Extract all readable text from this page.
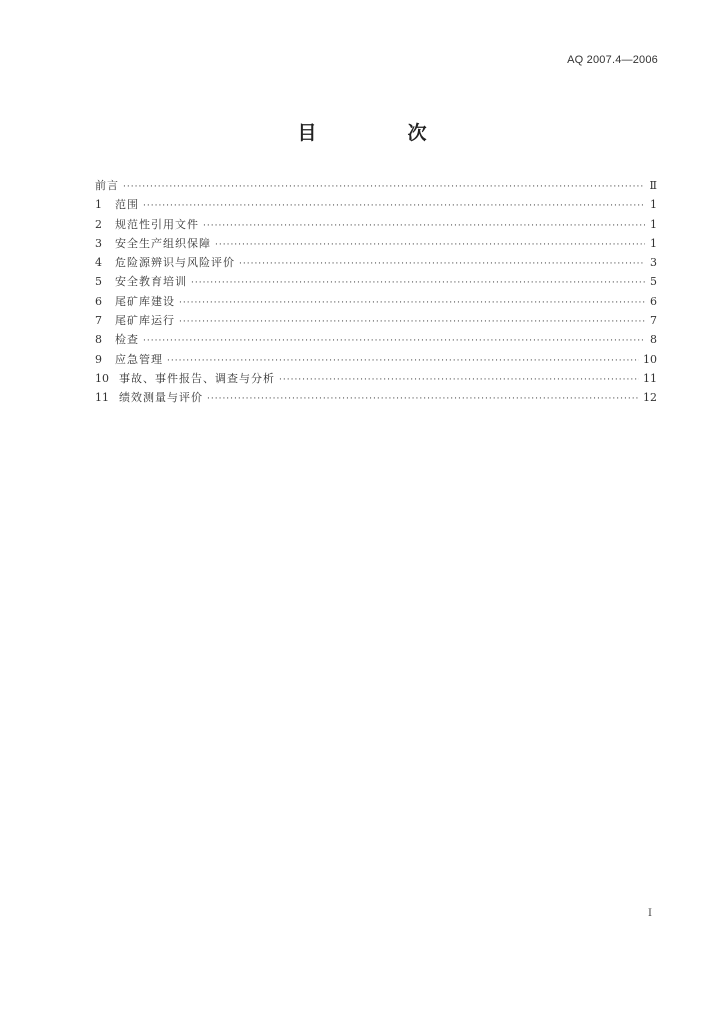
AQ 2007.4—2006
目　次
前言 ·····	Ⅱ
1	范围 ·····	1
2	规范性引用文件 ·····	1
3	安全生产组织保障 ·····	1
4	危险源辨识与风险评价 ·····	3
5	安全教育培训 ·····	5
6	尾矿库建设 ·····	6
7	尾矿库运行 ·····	7
8	检查 ·····	8
9	应急管理 ·····	10
10 事故、事件报告、调查与分析 ·····	11
11 绩效测量与评价 ·····	12
I
